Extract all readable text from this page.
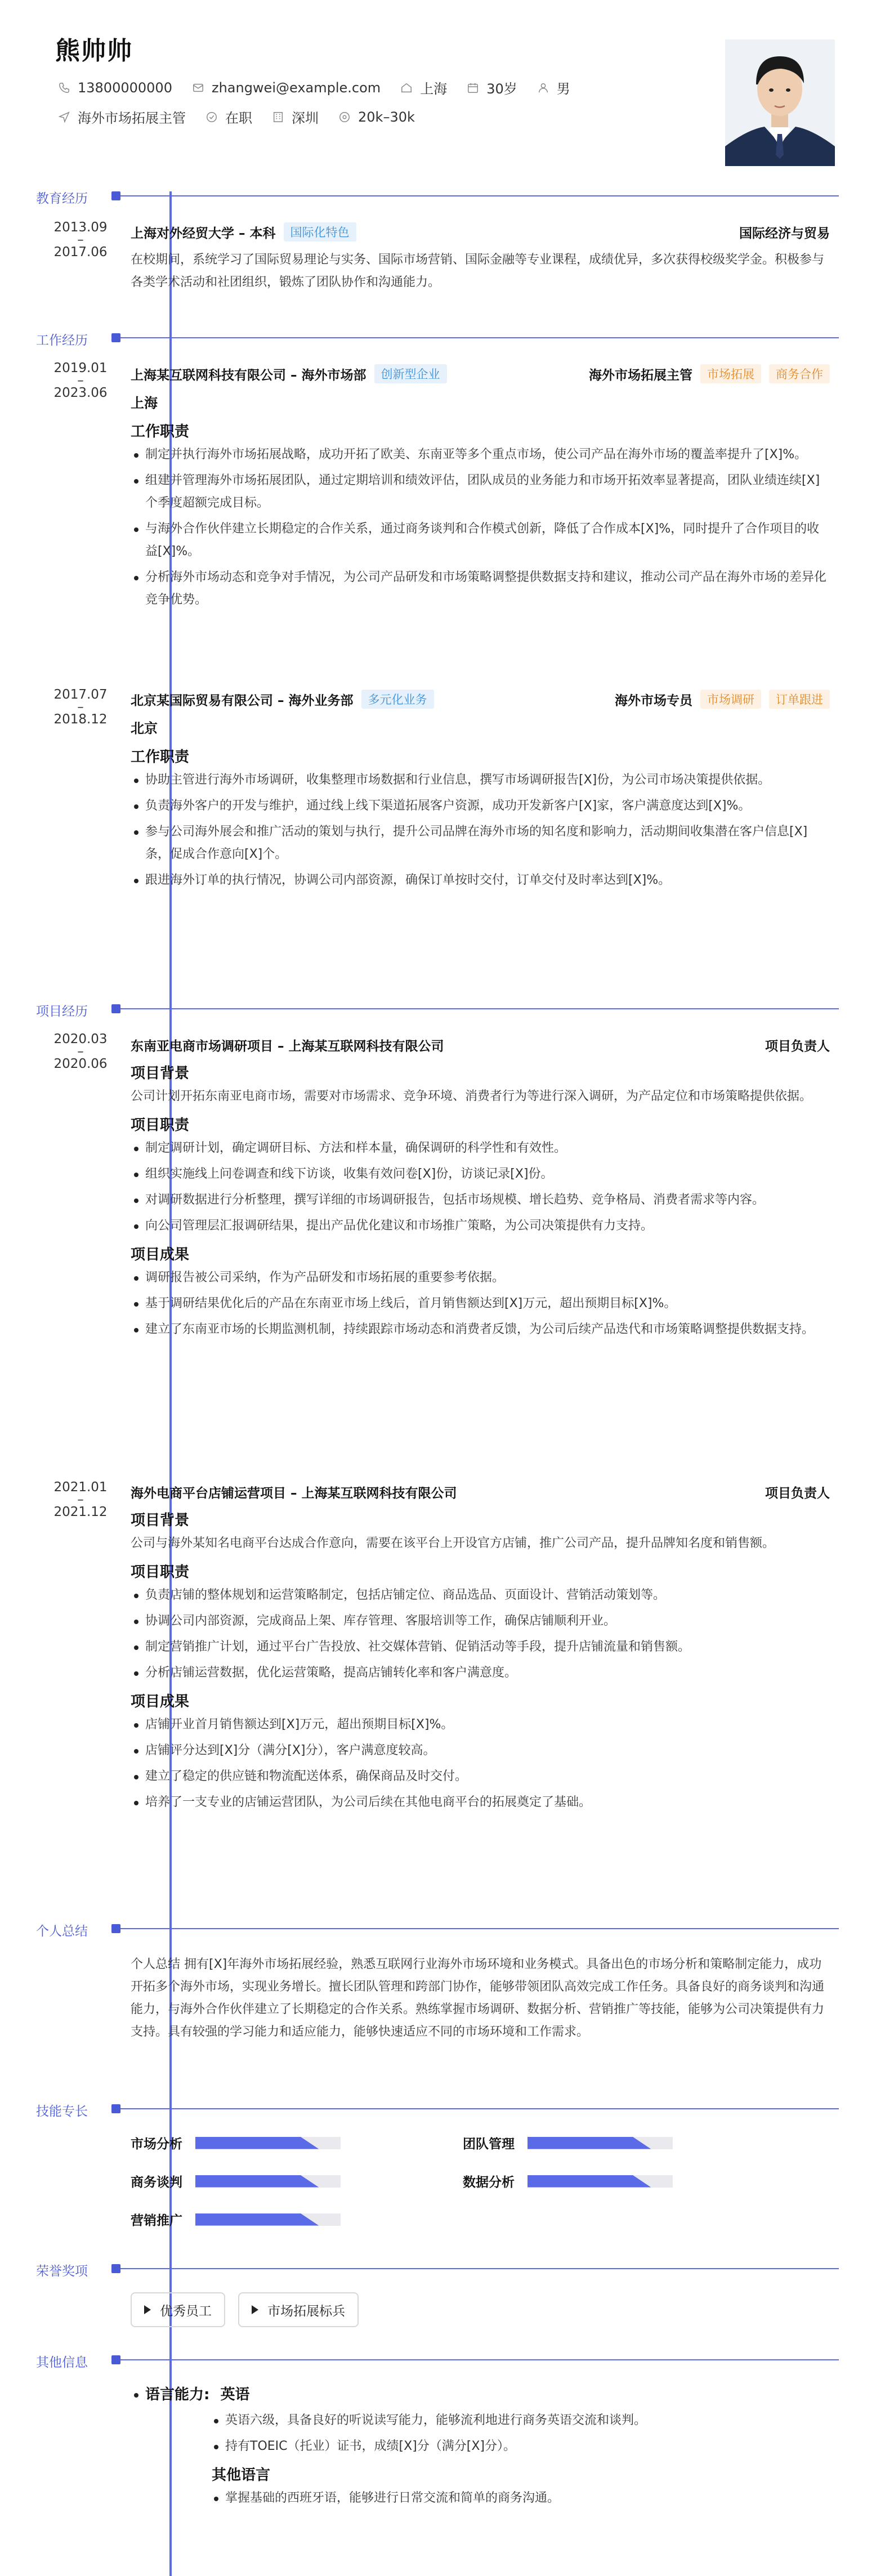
熊帅帅
13800000000	zhangwei@example.com	上海	30岁	男
海外市场拓展主管	在职	深圳	20k–30k
教育经历
2013.09
–
2017.06
上海对外经贸大学 – 本科	国际化特色	国际经济与贸易
在校期间，系统学习了国际贸易理论与实务、国际市场营销、国际金融等专业课程，成绩优异，多次获得校级奖学金。积极参与各类学术活动和社团组织，锻炼了团队协作和沟通能力。
工作经历
2019.01
–
2023.06
上海某互联网科技有限公司 – 海外市场部	创新型企业	海外市场拓展主管	市场拓展	商务合作
上海
工作职责
制定并执行海外市场拓展战略，成功开拓了欧美、东南亚等多个重点市场，使公司产品在海外市场的覆盖率提升了[X]%。
组建并管理海外市场拓展团队，通过定期培训和绩效评估，团队成员的业务能力和市场开拓效率显著提高，团队业绩连续[X]个季度超额完成目标。
与海外合作伙伴建立长期稳定的合作关系，通过商务谈判和合作模式创新，降低了合作成本[X]%，同时提升了合作项目的收益[X]%。
分析海外市场动态和竞争对手情况，为公司产品研发和市场策略调整提供数据支持和建议，推动公司产品在海外市场的差异化竞争优势。
2017.07
–
2018.12
北京某国际贸易有限公司 – 海外业务部	多元化业务	海外市场专员	市场调研	订单跟进
北京
工作职责
协助主管进行海外市场调研，收集整理市场数据和行业信息，撰写市场调研报告[X]份，为公司市场决策提供依据。
负责海外客户的开发与维护，通过线上线下渠道拓展客户资源，成功开发新客户[X]家，客户满意度达到[X]%。
参与公司海外展会和推广活动的策划与执行，提升公司品牌在海外市场的知名度和影响力，活动期间收集潜在客户信息[X]条，促成合作意向[X]个。
跟进海外订单的执行情况，协调公司内部资源，确保订单按时交付，订单交付及时率达到[X]%。
项目经历
2020.03
–
2020.06
东南亚电商市场调研项目 – 上海某互联网科技有限公司	项目负责人
项目背景
公司计划开拓东南亚电商市场，需要对市场需求、竞争环境、消费者行为等进行深入调研，为产品定位和市场策略提供依据。
项目职责
制定调研计划，确定调研目标、方法和样本量，确保调研的科学性和有效性。
组织实施线上问卷调查和线下访谈，收集有效问卷[X]份，访谈记录[X]份。
对调研数据进行分析整理，撰写详细的市场调研报告，包括市场规模、增长趋势、竞争格局、消费者需求等内容。
向公司管理层汇报调研结果，提出产品优化建议和市场推广策略，为公司决策提供有力支持。
项目成果
调研报告被公司采纳，作为产品研发和市场拓展的重要参考依据。
基于调研结果优化后的产品在东南亚市场上线后，首月销售额达到[X]万元，超出预期目标[X]%。
建立了东南亚市场的长期监测机制，持续跟踪市场动态和消费者反馈，为公司后续产品迭代和市场策略调整提供数据支持。
2021.01
–
2021.12
海外电商平台店铺运营项目 – 上海某互联网科技有限公司	项目负责人
项目背景
公司与海外某知名电商平台达成合作意向，需要在该平台上开设官方店铺，推广公司产品，提升品牌知名度和销售额。
项目职责
负责店铺的整体规划和运营策略制定，包括店铺定位、商品选品、页面设计、营销活动策划等。
协调公司内部资源，完成商品上架、库存管理、客服培训等工作，确保店铺顺利开业。
制定营销推广计划，通过平台广告投放、社交媒体营销、促销活动等手段，提升店铺流量和销售额。
分析店铺运营数据，优化运营策略，提高店铺转化率和客户满意度。
项目成果
店铺开业首月销售额达到[X]万元，超出预期目标[X]%。
店铺评分达到[X]分（满分[X]分），客户满意度较高。
建立了稳定的供应链和物流配送体系，确保商品及时交付。
培养了一支专业的店铺运营团队，为公司后续在其他电商平台的拓展奠定了基础。
个人总结
个人总结 拥有[X]年海外市场拓展经验，熟悉互联网行业海外市场环境和业务模式。具备出色的市场分析和策略制定能力，成功开拓多个海外市场，实现业务增长。擅长团队管理和跨部门协作，能够带领团队高效完成工作任务。具备良好的商务谈判和沟通能力，与海外合作伙伴建立了长期稳定的合作关系。熟练掌握市场调研、数据分析、营销推广等技能，能够为公司决策提供有力支持。具有较强的学习能力和适应能力，能够快速适应不同的市场环境和工作需求。
技能专长
市场分析	团队管理
商务谈判	数据分析
营销推广
荣誉奖项
优秀员工
	市场拓展标兵
其他信息
语言能力: 英语
英语六级，具备良好的听说读写能力，能够流利地进行商务英语交流和谈判。
持有TOEIC（托业）证书，成绩[X]分（满分[X]分）。
其他语言
掌握基础的西班牙语，能够进行日常交流和简单的商务沟通。
